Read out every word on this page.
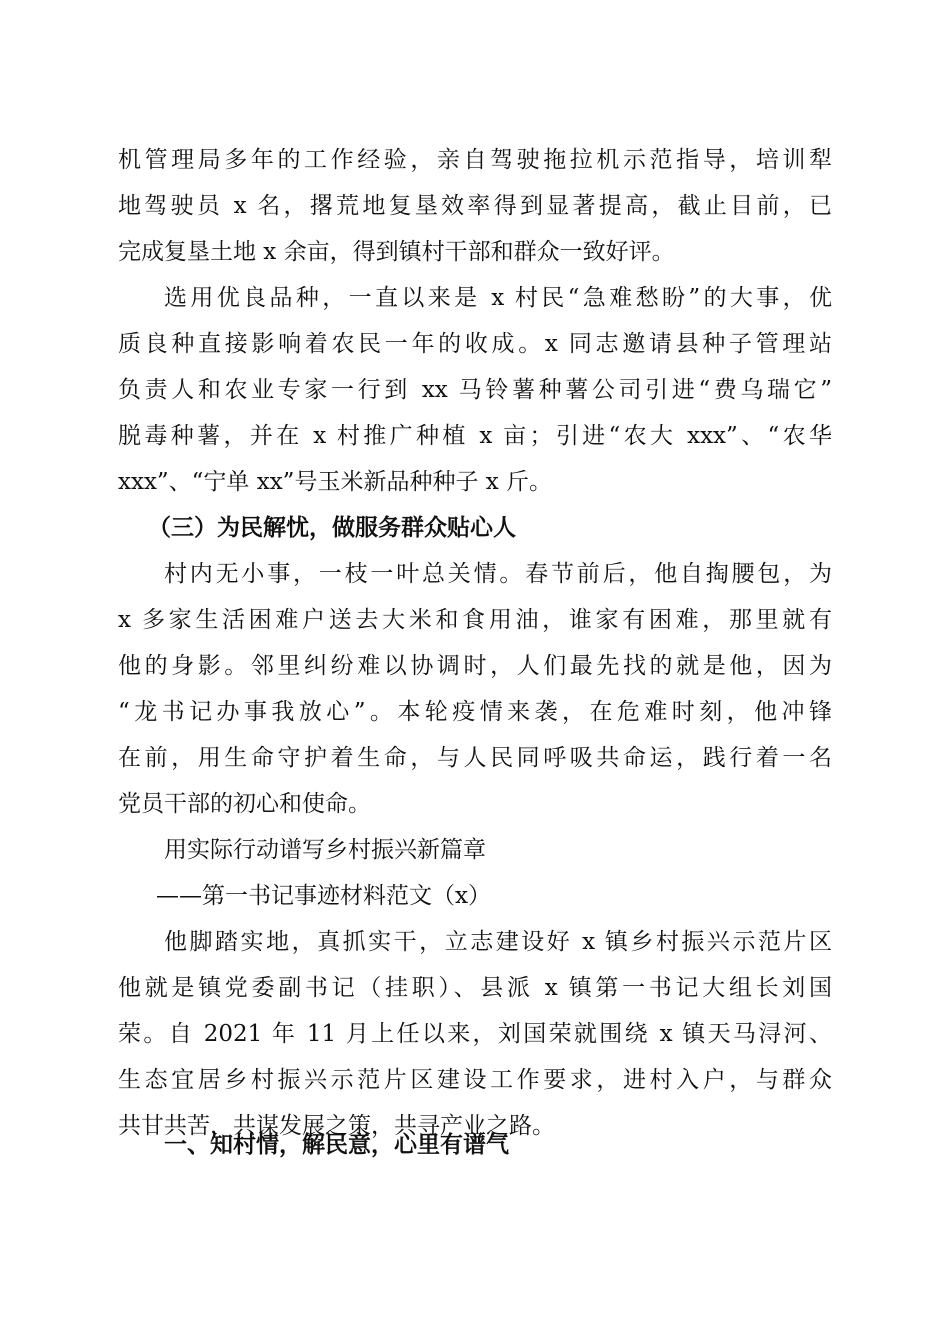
机管理局多年的工作经验，亲自驾驶拖拉机示范指导，培训犁
地驾驶员 x 名，撂荒地复垦效率得到显著提高，截止目前，已
完成复垦土地 x 余亩，得到镇村干部和群众一致好评。
选用优良品种，一直以来是 x 村民“急难愁盼”的大事，优
质良种直接影响着农民一年的收成。x 同志邀请县种子管理站
负责人和农业专家一行到 xx 马铃薯种薯公司引进“费乌瑞它”
脱毒种薯，并在 x 村推广种植 x 亩；引进“农大 xxx”、“农华
xxx”、“宁单 xx”号玉米新品种种子 x 斤。
（三）为民解忧，做服务群众贴心人
村内无小事，一枝一叶总关情。春节前后，他自掏腰包，为
x 多家生活困难户送去大米和食用油，谁家有困难，那里就有
他的身影。邻里纠纷难以协调时，人们最先找的就是他，因为
“龙书记办事我放心”。本轮疫情来袭，在危难时刻，他冲锋
在前，用生命守护着生命，与人民同呼吸共命运，践行着一名
党员干部的初心和使命。
用实际行动谱写乡村振兴新篇章
——第一书记事迹材料范文（x）
他脚踏实地，真抓实干，立志建设好 x 镇乡村振兴示范片区
他就是镇党委副书记（挂职）、县派 x 镇第一书记大组长刘国
荣。自 2021 年 11 月上任以来，刘国荣就围绕 x 镇天马浔河、
生态宜居乡村振兴示范片区建设工作要求，进村入户，与群众
共甘共苦，共谋发展之策，共寻产业之路。
一、知村情，解民意，心里有谱气
